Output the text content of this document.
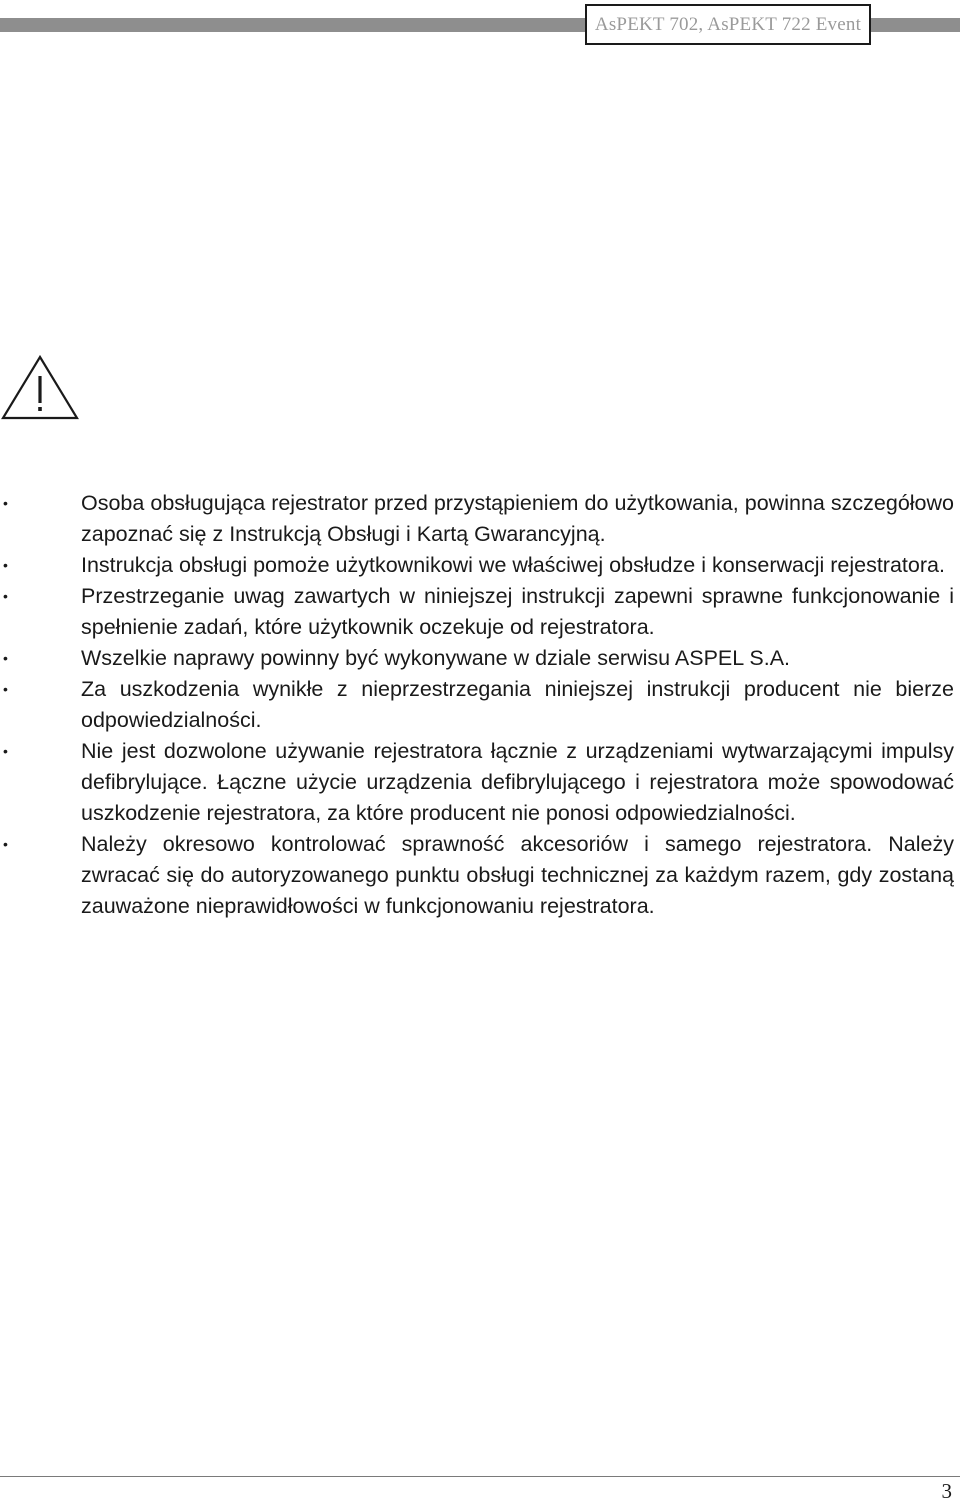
AsPEKT 702, AsPEKT 722 Event
•	Osoba obsługująca rejestrator przed przystąpieniem do użytkowania, powinna szczegółowo zapoznać się z Instrukcją Obsługi i Kartą Gwarancyjną.
•	Instrukcja obsługi pomoże użytkownikowi we właściwej obsłudze i konserwacji rejestratora.
•	Przestrzeganie uwag zawartych w niniejszej instrukcji zapewni sprawne funkcjonowanie i spełnienie zadań, które użytkownik oczekuje od rejestratora.
•	Wszelkie naprawy powinny być wykonywane w dziale serwisu ASPEL S.A.
•	Za uszkodzenia wynikłe z nieprzestrzegania niniejszej instrukcji producent nie bierze odpowiedzialności.
•	Nie jest dozwolone używanie rejestratora łącznie z urządzeniami wytwarzającymi impulsy defibrylujące. Łączne użycie urządzenia defibrylującego i rejestratora może spowodować uszkodzenie rejestratora, za które producent nie ponosi odpowiedzialności.
•	Należy okresowo kontrolować sprawność akcesoriów i samego rejestratora. Należy zwracać się do autoryzowanego punktu obsługi technicznej za każdym razem, gdy zostaną zauważone nieprawidłowości w funkcjonowaniu rejestratora.
3
